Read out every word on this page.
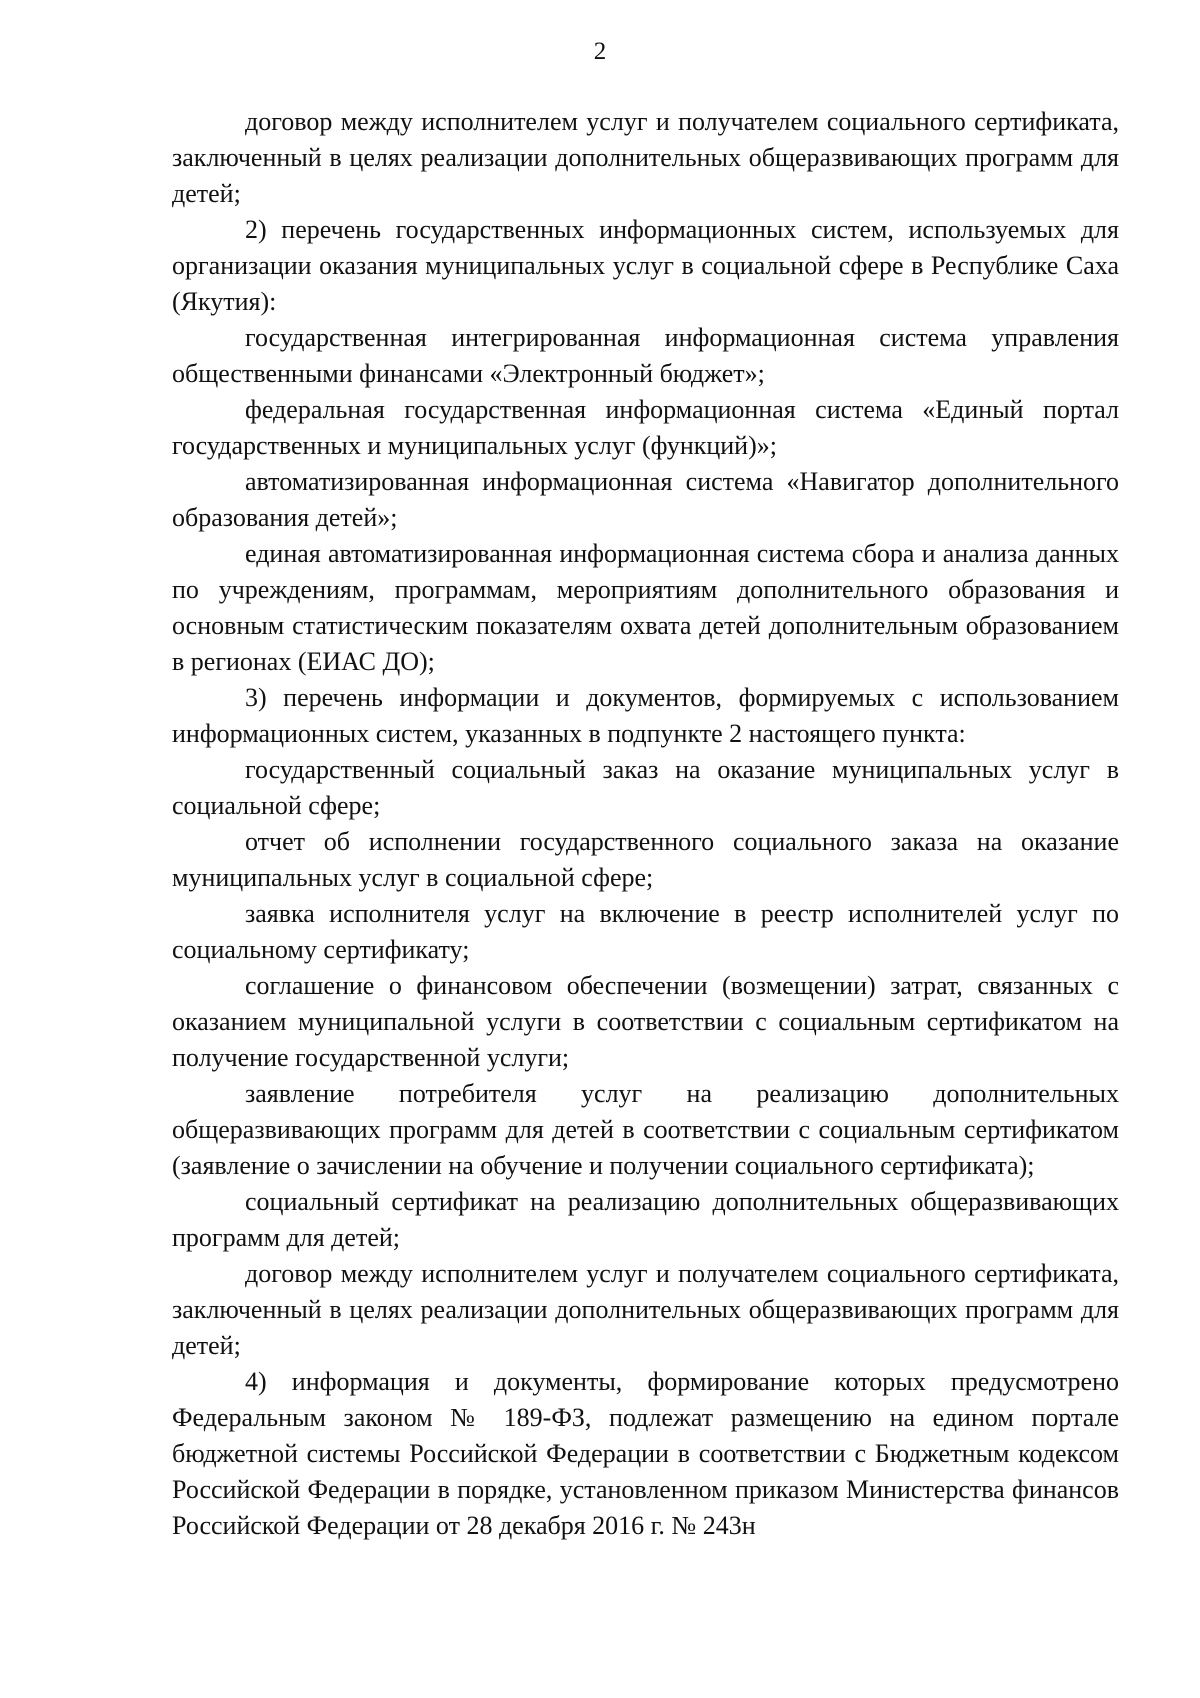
2

договор между исполнителем услуг и получателем социального сертификата, заключенный в целях реализации дополнительных общеразвивающих программ для детей;

2) перечень государственных информационных систем, используемых для организации оказания муниципальных услуг в социальной сфере в Республике Саха (Якутия):

государственная интегрированная информационная система управления общественными финансами «Электронный бюджет»;

федеральная государственная информационная система «Единый портал государственных и муниципальных услуг (функций)»;

автоматизированная информационная система «Навигатор дополнительного образования детей»;

единая автоматизированная информационная система сбора и анализа данных по учреждениям, программам, мероприятиям дополнительного образования и основным статистическим показателям охвата детей дополнительным образованием в регионах (ЕИАС ДО);

3) перечень информации и документов, формируемых с использованием информационных систем, указанных в подпункте 2 настоящего пункта:

государственный социальный заказ на оказание муниципальных услуг в социальной сфере;

отчет об исполнении государственного социального заказа на оказание муниципальных услуг в социальной сфере;

заявка исполнителя услуг на включение в реестр исполнителей услуг по социальному сертификату;

соглашение о финансовом обеспечении (возмещении) затрат, связанных с оказанием муниципальной услуги в соответствии с социальным сертификатом на получение государственной услуги;

заявление потребителя услуг на реализацию дополнительных общеразвивающих программ для детей в соответствии с социальным сертификатом (заявление о зачислении на обучение и получении социального сертификата);

социальный сертификат на реализацию дополнительных общеразвивающих программ для детей;

договор между исполнителем услуг и получателем социального сертификата, заключенный в целях реализации дополнительных общеразвивающих программ для детей;

4) информация и документы, формирование которых предусмотрено Федеральным законом № 189-ФЗ, подлежат размещению на едином портале бюджетной системы Российской Федерации в соответствии с Бюджетным кодексом Российской Федерации в порядке, установленном приказом Министерства финансов Российской Федерации от 28 декабря 2016 г. № 243н
